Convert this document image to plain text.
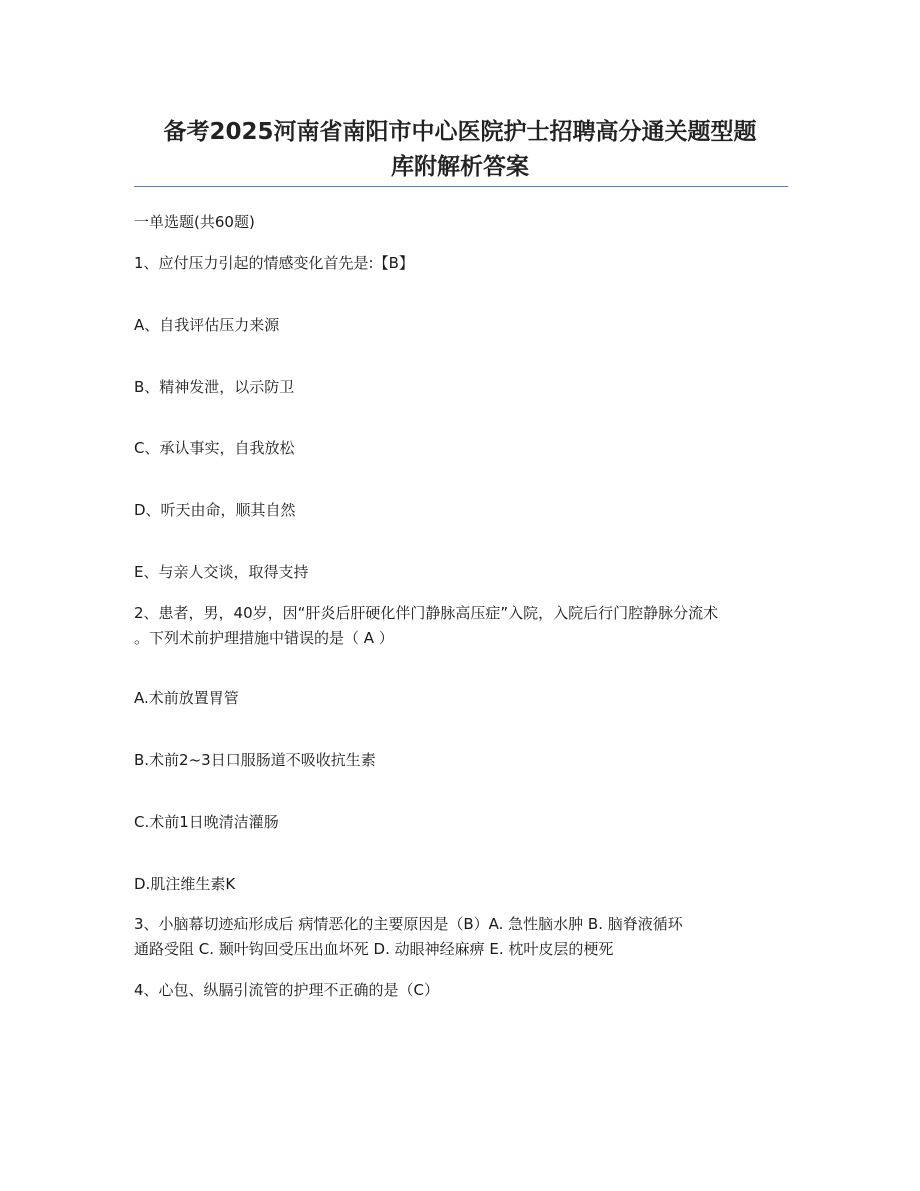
备考2025河南省南阳市中心医院护士招聘高分通关题型题
库附解析答案
一单选题(共60题)
1、应付压力引起的情感变化首先是:【B】
A、自我评估压力来源
B、精神发泄，以示防卫
C、承认事实，自我放松
D、听天由命，顺其自然
E、与亲人交谈，取得支持
2、患者，男，40岁，因“肝炎后肝硬化伴门静脉高压症”入院，入院后行门腔静脉分流术
。下列术前护理措施中错误的是（ A ）
A.术前放置胃管
B.术前2~3日口服肠道不吸收抗生素
C.术前1日晚清洁灌肠
D.肌注维生素K
3、小脑幕切迹疝形成后 病情恶化的主要原因是（B）A. 急性脑水肿 B. 脑脊液循环
通路受阻 C. 颞叶钩回受压出血坏死 D. 动眼神经麻痹 E. 枕叶皮层的梗死
4、心包、纵膈引流管的护理不正确的是（C）
